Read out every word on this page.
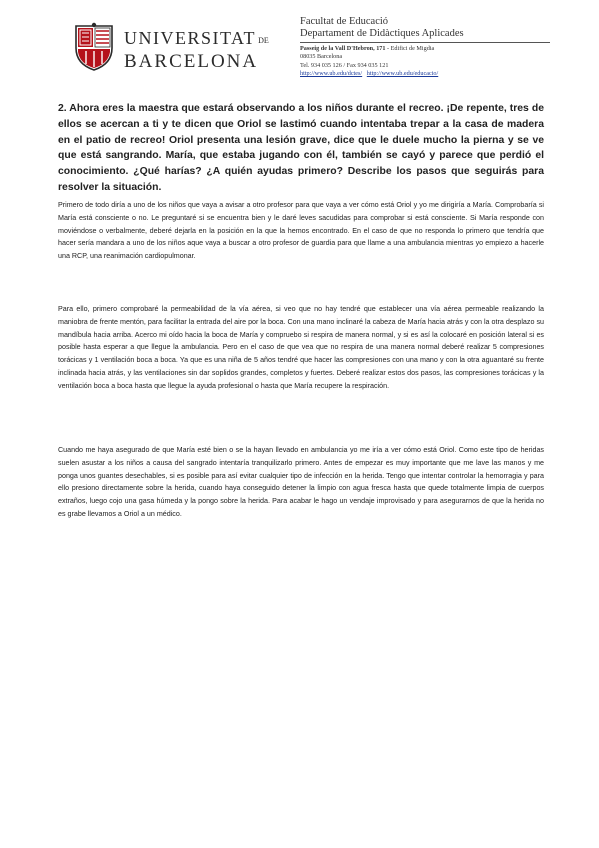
UNIVERSITAT DE
BARCELONA
Facultat de Educació
Departament de Didàctiques Aplicades
Passeig de la Vall D'Hebron, 171 - Edifici de Migdia
08035 Barcelona
Tel. 934 035 126 / Fax 934 035 121
http://www.ub.edu/dctes/ http://www.ub.edu/educacio/

2. Ahora eres la maestra que estará observando a los niños durante el recreo. ¡De repente, tres de ellos se acercan a ti y te dicen que Oriol se lastimó cuando intentaba trepar a la casa de madera en el patio de recreo! Oriol presenta una lesión grave, dice que le duele mucho la pierna y se ve que está sangrando. María, que estaba jugando con él, también se cayó y parece que perdió el conocimiento. ¿Qué harías? ¿A quién ayudas primero? Describe los pasos que seguirás para resolver la situación.

Primero de todo diría a uno de los niños que vaya a avisar a otro profesor para que vaya a ver cómo está Oriol y yo me dirigiría a María. Comprobaría si María está consciente o no. Le preguntaré si se encuentra bien y le daré leves sacudidas para comprobar si está consciente. Si María responde con moviéndose o verbalmente, deberé dejarla en la posición en la que la hemos encontrado. En el caso de que no responda lo primero que tendría que hacer sería mandara a uno de los niños aque vaya a buscar a otro profesor de guardia para que llame a una ambulancia mientras yo empiezo a hacerle una RCP, una reanimación cardiopulmonar.

Para ello, primero comprobaré la permeabilidad de la vía aérea, si veo que no hay tendré que establecer una vía aérea permeable realizando la maniobra de frente mentón, para facilitar la entrada del aire por la boca. Con una mano inclinaré la cabeza de María hacia atrás y con la otra desplazo su mandíbula hacia arriba. Acerco mi oído hacia la boca de María y compruebo si respira de manera normal, y si es así la colocaré en posición lateral si es posible hasta esperar a que llegue la ambulancia. Pero en el caso de que vea que no respira de una manera normal deberé realizar 5 compresiones torácicas y 1 ventilación boca a boca. Ya que es una niña de 5 años tendré que hacer las compresiones con una mano y con la otra aguantaré su frente inclinada hacia atrás, y las ventilaciones sin dar soplidos grandes, completos y fuertes. Deberé realizar estos dos pasos, las compresiones torácicas y la ventilación boca a boca hasta que llegue la ayuda profesional o hasta que María recupere la respiración.

Cuando me haya asegurado de que María esté bien o se la hayan llevado en ambulancia yo me iría a ver cómo está Oriol. Como este tipo de heridas suelen asustar a los niños a causa del sangrado intentaría tranquilizarlo primero. Antes de empezar es muy importante que me lave las manos y me ponga unos guantes desechables, si es posible para así evitar cualquier tipo de infección en la herida. Tengo que intentar controlar la hemorragia y para ello presiono directamente sobre la herida, cuando haya conseguido detener la limpio con agua fresca hasta que quede totalmente limpia de cuerpos extraños, luego cojo una gasa húmeda y la pongo sobre la herida. Para acabar le hago un vendaje improvisado y para asegurarnos de que la herida no es grabe llevamos a Oriol a un médico.
